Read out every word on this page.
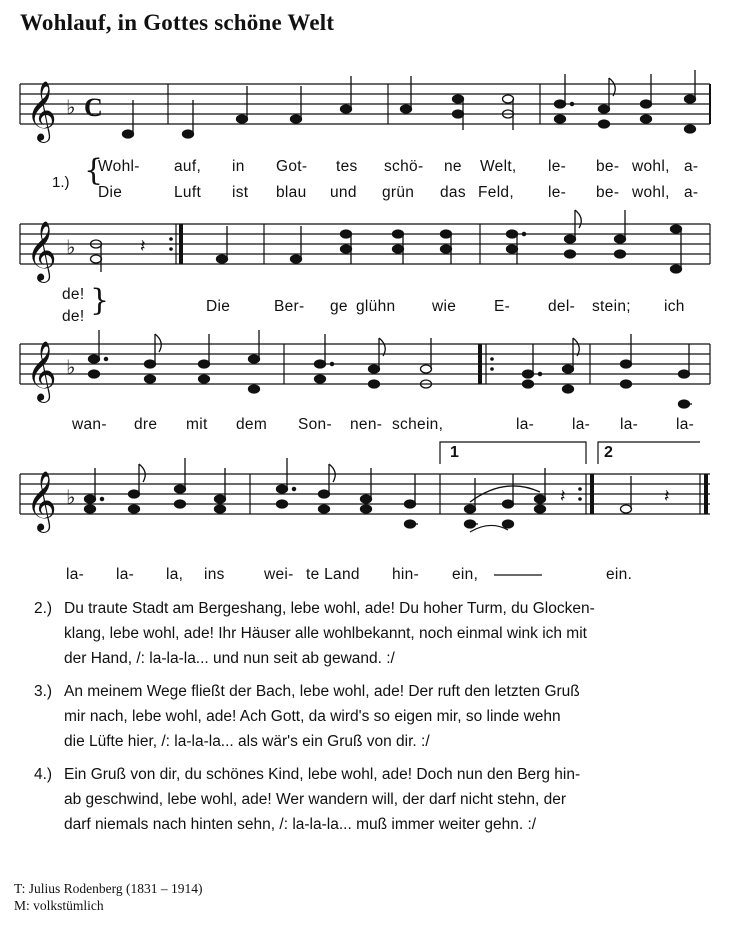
Wohlauf, in Gottes schöne Welt
𝄞 ♭ C
1.) {
Wohl- auf, in Got- tes schö- ne Welt, le- be- wohl, a-
Die	Luft ist blau und grün das Feld, le- be- wohl, a-
𝄞 ♭	𝄽
de!
de! }	Die	Ber- ge glühn wie E- del- stein; ich
𝄞 ♭
wan- dre mit dem Son- nen- schein,	la- la- la- la-
𝄞 ♭	𝄽	𝄽
1	2
la- la- la, ins	wei- te Land hin- ein,	ein.
2.) Du traute Stadt am Bergeshang, lebe wohl, ade! Du hoher Turm, du Glocken-
klang, lebe wohl, ade! Ihr Häuser alle wohlbekannt, noch einmal wink ich mit
der Hand, /: la-la-la... und nun seit ab gewand. :/
3.) An meinem Wege fließt der Bach, lebe wohl, ade! Der ruft den letzten Gruß
mir nach, lebe wohl, ade! Ach Gott, da wird's so eigen mir, so linde wehn
die Lüfte hier, /: la-la-la... als wär's ein Gruß von dir. :/
4.) Ein Gruß von dir, du schönes Kind, lebe wohl, ade! Doch nun den Berg hin-
ab geschwind, lebe wohl, ade! Wer wandern will, der darf nicht stehn, der
darf niemals nach hinten sehn, /: la-la-la... muß immer weiter gehn. :/
T: Julius Rodenberg (1831 – 1914)
M: volkstümlich
